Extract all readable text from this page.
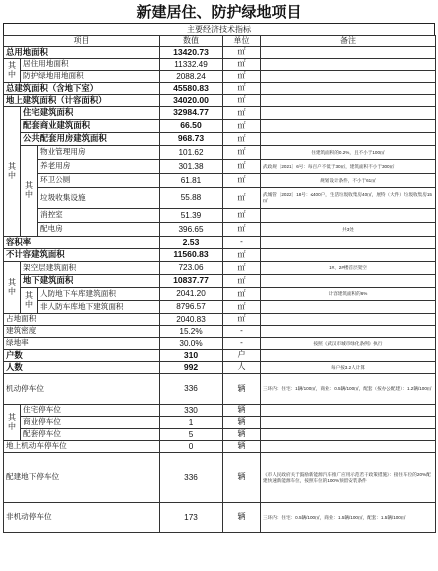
新建居住、防护绿地项目
主要经济技术指标
项目			数值	单位	备注
总用地面积			13420.73	㎡	
其中	居住用地面积		11332.49	㎡	
	防护绿地用地面积		2088.24	㎡	
总建筑面积（含地下室）			45580.83	㎡	
地上建筑面积（计容面积）			34020.00	㎡	
其中	住宅建筑面积		32984.77	㎡	
	配套商业建筑面积		66.50	㎡	
	公共配套用房建筑面积		968.73	㎡	
	其中	物业管理用房	101.62	㎡	住建筑面积的0.2%，且不小于100㎡
		养老用房	301.38	㎡	武政规〔2021〕6号：每百户不低于30㎡，建筑面积不小于300㎡
		环卫公厕	61.81	㎡	规划设计条件，不小于61㎡
		垃圾收集设施	55.88	㎡	武城管〔2022〕18号：≤400户，生活垃圾收集房40㎡，展特（大件）垃圾收集房15㎡
		消控室	51.39	㎡	
		配电房	396.65	㎡	共3处
容积率			2.53	-	
不计容建筑面积			11560.83	㎡	
其中	架空层建筑面积		723.06	㎡	1#、2#楼首层架空
	地下建筑面积		10837.77	㎡	
	其中	人防地下车库建筑面积	2041.20	㎡	计容建筑面积的6%
		非人防车库地下建筑面积	8796.57	㎡	
占地面积			2040.83	㎡	
建筑密度			15.2%	-	
绿地率			30.0%	-	按照《武汉市城市绿化条例》执行
户数			310	户	
人数			992	人	每户按3.2人计算
机动停车位			336	辆	三环内：住宅：1辆/100㎡，商业：0.5辆/100㎡，配套（按办公配建）：1.2辆/100㎡
其中	住宅停车位		330	辆	
	商业停车位		1	辆	
	配套停车位		5	辆	
地上机动车停车位			0	辆	
配建地下停车位			336	辆	《市人民政府关于鼓励新能源汽车推广应用示范若干政策措施》：接住车位的20%配建快速新能源车位，按照车位的100%预留安装条件
非机动停车位			173	辆	三环内：住宅：0.5辆/100㎡，商业：1.5辆/100㎡，配套：1.5辆/100㎡
